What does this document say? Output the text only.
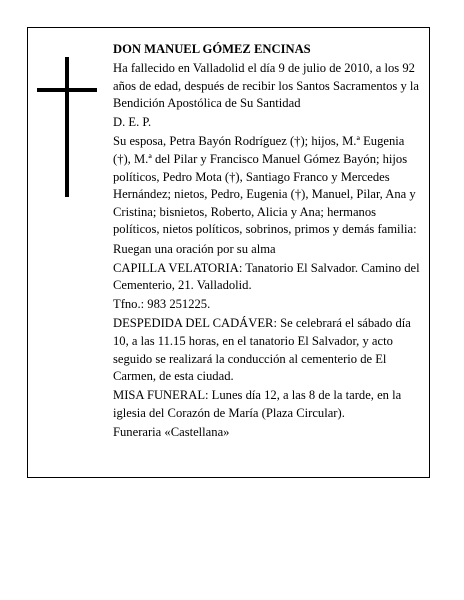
DON MANUEL GÓMEZ ENCINAS

Ha fallecido en Valladolid el día 9 de julio de 2010, a los 92 años de edad, después de recibir los Santos Sacramentos y la Bendición Apostólica de Su Santidad

D. E. P.

Su esposa, Petra Bayón Rodríguez (†); hijos, M.ª Eugenia (†), M.ª del Pilar y Francisco Manuel Gómez Bayón; hijos políticos, Pedro Mota (†), Santiago Franco y Mercedes Hernández; nietos, Pedro, Eugenia (†), Manuel, Pilar, Ana y Cristina; bisnietos, Roberto, Alicia y Ana; hermanos políticos, nietos políticos, sobrinos, primos y demás familia:

Ruegan una oración por su alma

CAPILLA VELATORIA: Tanatorio El Salvador. Camino del Cementerio, 21. Valladolid.

Tfno.: 983 251225.

DESPEDIDA DEL CADÁVER: Se celebrará el sábado día 10, a las 11.15 horas, en el tanatorio El Salvador, y acto seguido se realizará la conducción al cementerio de El Carmen, de esta ciudad.

MISA FUNERAL: Lunes día 12, a las 8 de la tarde, en la iglesia del Corazón de María (Plaza Circular).

Funeraria «Castellana»
